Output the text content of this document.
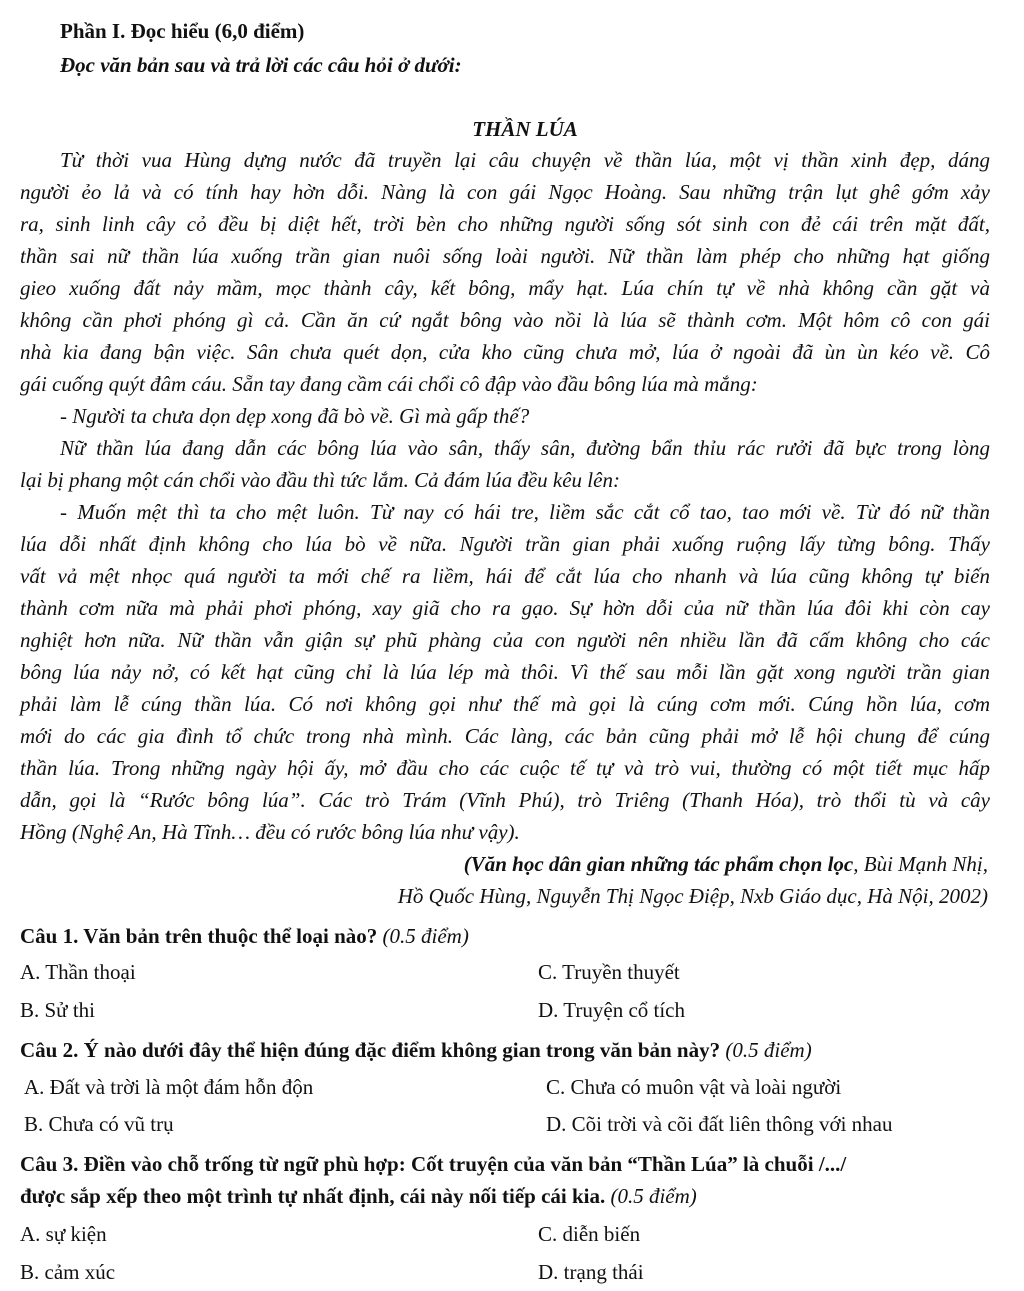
Phần I. Đọc hiểu (6,0 điểm)
Đọc văn bản sau và trả lời các câu hỏi ở dưới:
THẦN LÚA
Từ thời vua Hùng dựng nước đã truyền lại câu chuyện về thần lúa, một vị thần xinh đẹp, dáng
người ẻo lả và có tính hay hờn dỗi. Nàng là con gái Ngọc Hoàng. Sau những trận lụt ghê gớm xảy
ra, sinh linh cây cỏ đều bị diệt hết, trời bèn cho những người sống sót sinh con đẻ cái trên mặt đất,
thần sai nữ thần lúa xuống trần gian nuôi sống loài người. Nữ thần làm phép cho những hạt giống
gieo xuống đất nảy mầm, mọc thành cây, kết bông, mẩy hạt. Lúa chín tự về nhà không cần gặt và
không cần phơi phóng gì cả. Cần ăn cứ ngắt bông vào nồi là lúa sẽ thành cơm. Một hôm cô con gái
nhà kia đang bận việc. Sân chưa quét dọn, cửa kho cũng chưa mở, lúa ở ngoài đã ùn ùn kéo về. Cô
gái cuống quýt đâm cáu. Sẵn tay đang cầm cái chổi cô đập vào đầu bông lúa mà mắng:
- Người ta chưa dọn dẹp xong đã bò về. Gì mà gấp thế?
Nữ thần lúa đang dẫn các bông lúa vào sân, thấy sân, đường bẩn thỉu rác rưởi đã bực trong lòng
lại bị phang một cán chổi vào đầu thì tức lắm. Cả đám lúa đều kêu lên:
- Muốn mệt thì ta cho mệt luôn. Từ nay có hái tre, liềm sắc cắt cổ tao, tao mới về. Từ đó nữ thần
lúa dỗi nhất định không cho lúa bò về nữa. Người trần gian phải xuống ruộng lấy từng bông. Thấy
vất vả mệt nhọc quá người ta mới chế ra liềm, hái để cắt lúa cho nhanh và lúa cũng không tự biến
thành cơm nữa mà phải phơi phóng, xay giã cho ra gạo. Sự hờn dỗi của nữ thần lúa đôi khi còn cay
nghiệt hơn nữa. Nữ thần vẫn giận sự phũ phàng của con người nên nhiều lần đã cấm không cho các
bông lúa nảy nở, có kết hạt cũng chỉ là lúa lép mà thôi. Vì thế sau mỗi lần gặt xong người trần gian
phải làm lễ cúng thần lúa. Có nơi không gọi như thế mà gọi là cúng cơm mới. Cúng hồn lúa, cơm
mới do các gia đình tổ chức trong nhà mình. Các làng, các bản cũng phải mở lễ hội chung để cúng
thần lúa. Trong những ngày hội ấy, mở đầu cho các cuộc tế tự và trò vui, thường có một tiết mục hấp
dẫn, gọi là “Rước bông lúa”. Các trò Trám (Vĩnh Phú), trò Triêng (Thanh Hóa), trò thổi tù và cây
Hồng (Nghệ An, Hà Tĩnh… đều có rước bông lúa như vậy).
(Văn học dân gian những tác phẩm chọn lọc, Bùi Mạnh Nhị,
Hồ Quốc Hùng, Nguyễn Thị Ngọc Điệp, Nxb Giáo dục, Hà Nội, 2002)
Câu 1. Văn bản trên thuộc thể loại nào? (0.5 điểm)
A. Thần thoại	C. Truyền thuyết
B. Sử thi	D. Truyện cổ tích
Câu 2. Ý nào dưới đây thể hiện đúng đặc điểm không gian trong văn bản này? (0.5 điểm)
A. Đất và trời là một đám hỗn độn	C. Chưa có muôn vật và loài người
B. Chưa có vũ trụ	D. Cõi trời và cõi đất liên thông với nhau
Câu 3. Điền vào chỗ trống từ ngữ phù hợp: Cốt truyện của văn bản “Thần Lúa” là chuỗi /.../
được sắp xếp theo một trình tự nhất định, cái này nối tiếp cái kia. (0.5 điểm)
A. sự kiện	C. diễn biến
B. cảm xúc	D. trạng thái
